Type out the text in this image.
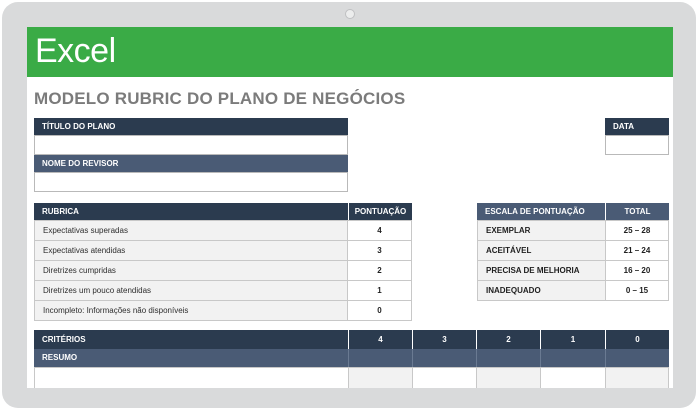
Excel
MODELO RUBRIC DO PLANO DE NEGÓCIOS
TÍTULO DO PLANO
NOME DO REVISOR
DATA
RUBRICA	PONTUAÇÃO
Expectativas superadas	4
Expectativas atendidas	3
Diretrizes cumpridas	2
Diretrizes um pouco atendidas	1
Incompleto: Informações não disponíveis	0
ESCALA DE PONTUAÇÃO	TOTAL
EXEMPLAR	25 – 28
ACEITÁVEL	21 – 24
PRECISA DE MELHORIA	16 – 20
INADEQUADO	0 – 15
CRITÉRIOS	4	3	2	1	0
RESUMO
